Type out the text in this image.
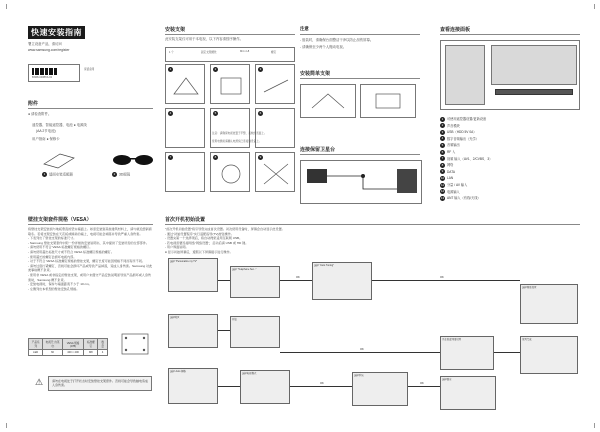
快速安装指南
署立设备产品，请访问
www.samsung.com/register
BN68-04886S-02
保留备用
附件
● 请检查附件。
遥控器、智能遥控器，电池 ● 电源线
(AA 2节电池)
用户指南 ● 保修卡
1 墙面安装适配器	2 3D眼镜
安装支架
此安装支架仅可用于本电视，以下内容请按序操作。
1 个	固定支架螺丝	M4 x L8	螺钉
1	2	3
4	5	6
7	8	9
注意：请确保电视放置于平整、柔软的表面上。
使用电源前请确认电源线已连接到设备上。
注意
- 组装时，请确保台面整洁干净以防止刮伤屏幕。
- 请确保至少两个人搬动电视。
安装简单支架
连接保留卫星台
查看连接面板
1 可使用遥控器设置/更新设备
2 声音模块
3 USB（HDD 5V 0A）
4 数字音频输出（光学）
5 音频输出
6 RF 入
7 视频 输入（AV1、2/CVBS、3）
8 网络
9 DATA
10 LAN
11 分量 / AV 输入
12 电源输入
13 ANT 输入（有线/天线）
壁挂支架套件规格（VESA）
将壁挂支架安装到与地板垂直的坚实墙面上。如需安装到其他建筑材料上，请与就近经销商联系。若将支架安装在天花板或倾斜的墙上，电视可能会掉落并导致严重人身伤害。
- 下表列出了壁挂支架的标准尺寸。
- Samsung 壁挂支架套件中附一份详细的安装说明书，其中提供了安装所需的全部部件。
- 请勿使用不符合 VESA 标准螺钉规格的螺钉。
- 请勿使用超出标准尺寸或不符合 VESA 标准螺钉规格的螺钉。
- 使用超长的螺钉会损坏电视内部。
- 对于不符合 VESA 标准螺钉规格的壁挂支架，螺钉长度可能因规格不同而有所不同。
- 请勿过度拧紧螺钉，否则可能会损坏产品或导致产品掉落，造成人身伤害。Samsung 对此类事故概不负责。
- 使用非 VESA 或非指定的壁挂支架，或用户未遵守产品安装说明而导致产品损坏或人身伤害时，Samsung 概不负责。
- 安装电视时，保持与墙面距离不少于 10 cm。
- 左侧列出本机型的壁挂安装孔规格。
产品系列	电视尺寸(英寸)	VESA 规格(A*B)	标准螺钉	数量
LED	60	400 × 400	M8	4
⚠	请勿在电视处于打开状态时安装壁挂支架套件。否则可能会导致触电造成人身伤害。
首次开机初始设置
"首次开机初始设置"将引导您完成首次设置。初次使用设备时，屏幕会自动显示此设置。
- 通过"初始设置程序"实行适配指导(TV)按钮操作。
- 设置完第一个选择项后，将自动搜索适用互联网 USB。
- 若电视需要连接网络"网络设置"，启动后请 USB 或 HD 键。
- 用户界面说明。
● 显示初始屏幕后，遵照以下屏幕提示进行操作。
选择 "Personalize my TV"
选择 "Telephone Set..."
选择 "Auto Tuning"
选择网络设置
选择时区
开始
正在检查网络设置	设置完成
选择 Auto 调整
选择电视模式
选择区域
选择国家
OK	OK
OK
OK	OK
